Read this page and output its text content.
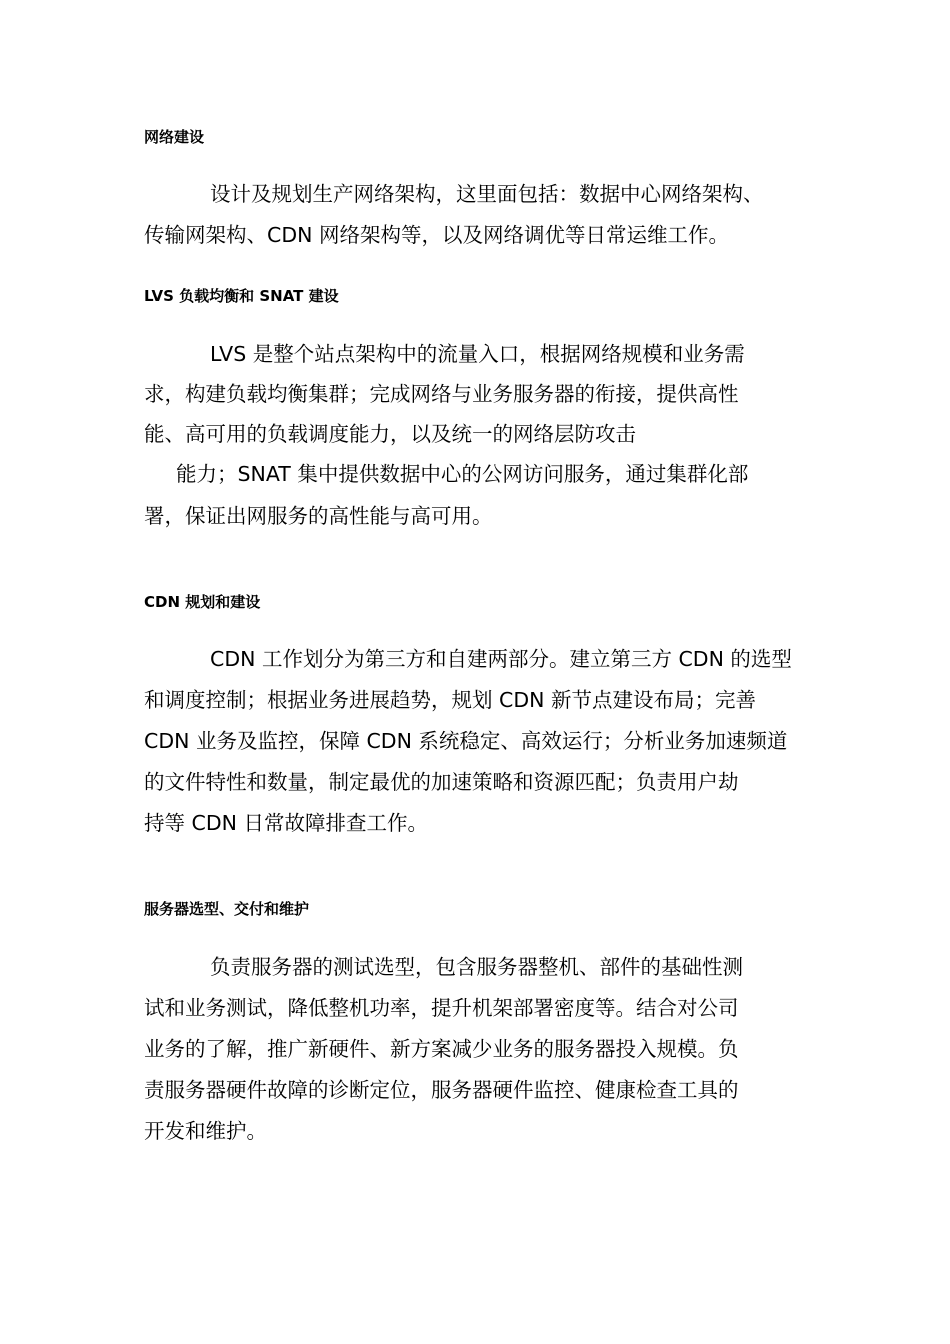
网络建设
设计及规划生产网络架构，这里面包括：数据中心网络架构、
传输网架构、CDN 网络架构等，以及网络调优等日常运维工作。
LVS 负载均衡和 SNAT 建设
LVS 是整个站点架构中的流量入口，根据网络规模和业务需
求，构建负载均衡集群；完成网络与业务服务器的衔接，提供高性
能、高可用的负载调度能力，以及统一的网络层防攻击
能力；SNAT 集中提供数据中心的公网访问服务，通过集群化部
署，保证出网服务的高性能与高可用。
CDN 规划和建设
CDN 工作划分为第三方和自建两部分。建立第三方 CDN 的选型
和调度控制；根据业务进展趋势，规划 CDN 新节点建设布局；完善
CDN 业务及监控，保障 CDN 系统稳定、高效运行；分析业务加速频道
的文件特性和数量，制定最优的加速策略和资源匹配；负责用户劫
持等 CDN 日常故障排查工作。
服务器选型、交付和维护
负责服务器的测试选型，包含服务器整机、部件的基础性测
试和业务测试，降低整机功率，提升机架部署密度等。结合对公司
业务的了解，推广新硬件、新方案减少业务的服务器投入规模。负
责服务器硬件故障的诊断定位，服务器硬件监控、健康检查工具的
开发和维护。
